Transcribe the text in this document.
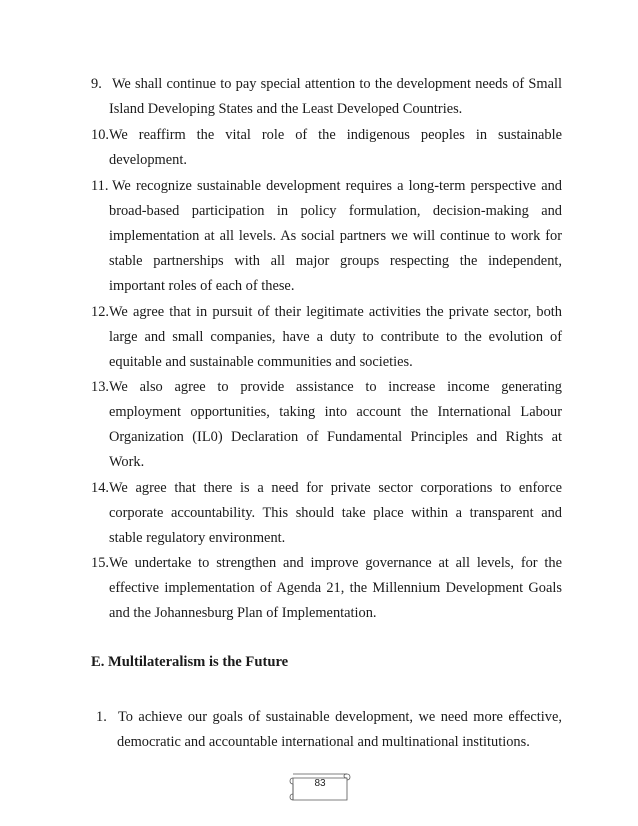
9. We shall continue to pay special attention to the development needs of Small
Island Developing States and the Least Developed Countries.
10. We reaffirm the vital role of the indigenous peoples in sustainable
development.
11. We recognize sustainable development requires a long-term perspective and
broad-based participation in policy formulation, decision-making and
implementation at all levels. As social partners we will continue to work for
stable partnerships with all major groups respecting the independent,
important roles of each of these.
12. We agree that in pursuit of their legitimate activities the private sector, both
large and small companies, have a duty to contribute to the evolution of
equitable and sustainable communities and societies.
13. We also agree to provide assistance to increase income generating
employment opportunities, taking into account the International Labour
Organization (IL0) Declaration of Fundamental Principles and Rights at
Work.
14. We agree that there is a need for private sector corporations to enforce
corporate accountability. This should take place within a transparent and
stable regulatory environment.
15. We undertake to strengthen and improve governance at all levels, for the
effective implementation of Agenda 21, the Millennium Development Goals
and the Johannesburg Plan of Implementation.
E. Multilateralism is the Future
1. To achieve our goals of sustainable development, we need more effective,
democratic and accountable international and multinational institutions.
83
